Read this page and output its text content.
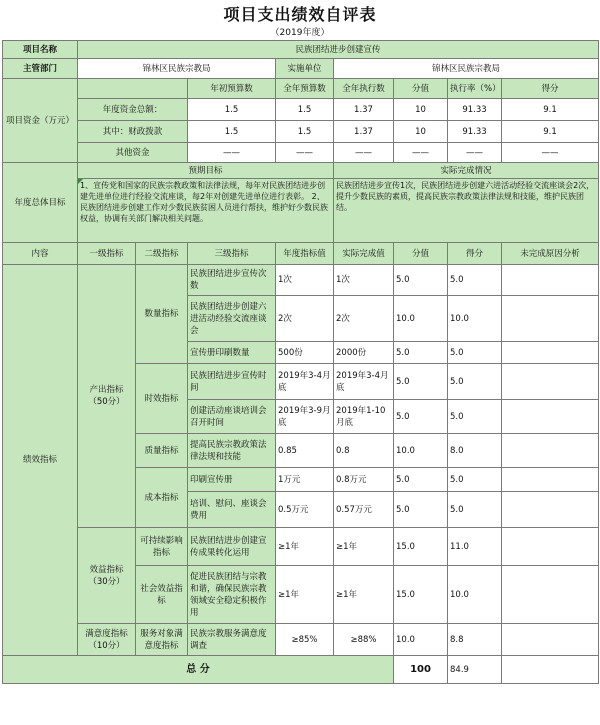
项目支出绩效自评表
（2019年度）
项目名称	民族团结进步创建宣传							
主管部门	锦林区民族宗教局			实施单位	锦林区民族宗教局			
项目资金（万元）			年初预算数	全年预算数	全年执行数	分值	执行率（%）	得分
	年度资金总额：		1.5	1.5	1.37	10	91.33	9.1
	其中：财政拨款		1.5	1.5	1.37	10	91.33	9.1
	其他资金		——	——	——	——	——	——
年度总体目标	预期目标				实际完成情况			
	1、宣传党和国家的民族宗教政策和法律法规，每年对民族团结进步创建先进单位进行经验交流座谈，每2年对创建先进单位进行表彰。 2、民族团结进步创建工作对少数民族贫困人员进行帮扶，维护好少数民族权益，协调有关部门解决相关问题。				民族团结进步宣传1次，民族团结进步创建六进活动经验交流座谈会2次，提升少数民族的素质，提高民族宗教政策法律法规和技能，维护民族团结。			
内容	一级指标	二级指标	三级指标	年度指标值	实际完成值	分值	得分	未完成原因分析
绩效指标	产出指标（50分）	数量指标	民族团结进步宣传次数	1次	1次	5.0	5.0	
			民族团结进步创建六进活动经验交流座谈会	2次	2次	10.0	10.0	
			宣传册印刷数量	500份	2000份	5.0	5.0	
		时效指标	民族团结进步宣传时间	2019年3-4月底	2019年3-4月底	5.0	5.0	
			创建活动座谈培训会召开时间	2019年3-9月底	2019年1-10月底	5.0	5.0	
		质量指标	提高民族宗教政策法律法规和技能	0.85	0.8	10.0	8.0	
		成本指标	印刷宣传册	1万元	0.8万元	5.0	5.0	
			培训、慰问、座谈会费用	0.5万元	0.57万元	5.0	5.0	
	效益指标（30分）	可持续影响指标	民族团结进步创建宣传成果转化运用	≥1年	≥1年	15.0	11.0	
		社会效益指标	促进民族团结与宗教和谐，确保民族宗教领域安全稳定积极作用	≥1年	≥1年	15.0	10.0	
	满意度指标（10分）	服务对象满意度指标	民族宗教服务满意度调查	≥85%	≥88%	10.0	8.8	
总 分						100	84.9	
